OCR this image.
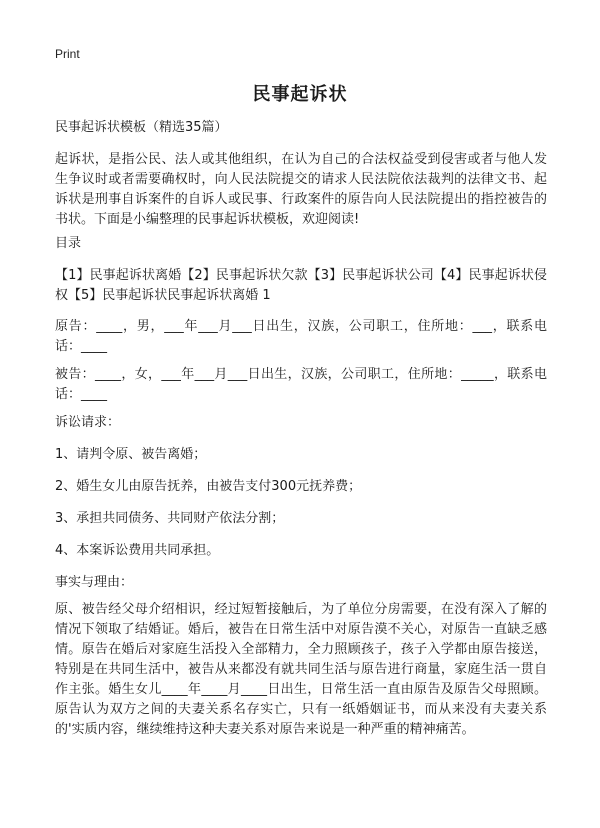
Print
民事起诉状

民事起诉状模板（精选35篇）

起诉状，是指公民、法人或其他组织，在认为自己的合法权益受到侵害或者与他人发生争议时或者需要确权时，向人民法院提交的请求人民法院依法裁判的法律文书、起诉状是刑事自诉案件的自诉人或民事、行政案件的原告向人民法院提出的指控被告的书状。下面是小编整理的民事起诉状模板，欢迎阅读!

目录

【1】民事起诉状离婚【2】民事起诉状欠款【3】民事起诉状公司【4】民事起诉状侵权【5】民事起诉状民事起诉状离婚 1

原告：____，男，___年___月___日出生，汉族，公司职工，住所地：___，联系电话：____

被告：____，女，___年___月___日出生，汉族，公司职工，住所地：_____，联系电话：____

诉讼请求：

1、请判令原、被告离婚；

2、婚生女儿由原告抚养，由被告支付300元抚养费；

3、承担共同债务、共同财产依法分割；

4、本案诉讼费用共同承担。

事实与理由：

原、被告经父母介绍相识，经过短暂接触后，为了单位分房需要，在没有深入了解的情况下领取了结婚证。婚后，被告在日常生活中对原告漠不关心，对原告一直缺乏感情。原告在婚后对家庭生活投入全部精力，全力照顾孩子，孩子入学都由原告接送，特别是在共同生活中，被告从来都没有就共同生活与原告进行商量，家庭生活一贯自作主张。婚生女儿____年____月____日出生，日常生活一直由原告及原告父母照顾。原告认为双方之间的夫妻关系名存实亡，只有一纸婚姻证书，而从来没有夫妻关系的'实质内容，继续维持这种夫妻关系对原告来说是一种严重的精神痛苦。
